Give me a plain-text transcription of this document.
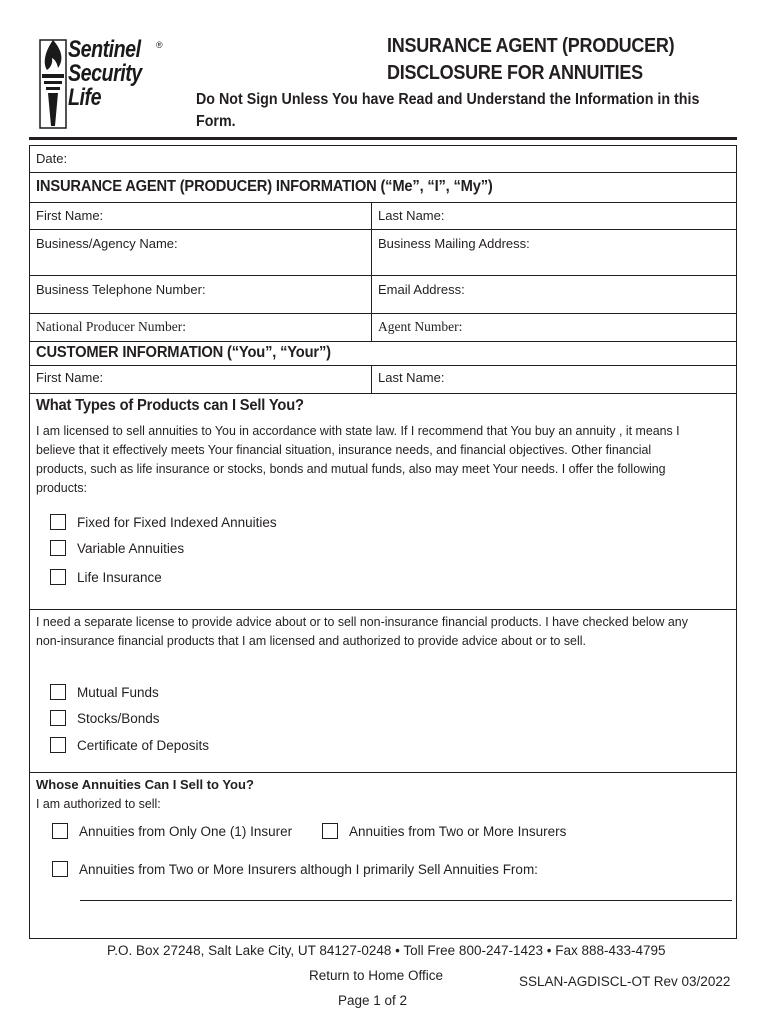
Sentinel
Security
Life
®	INSURANCE AGENT (PRODUCER)
DISCLOSURE FOR ANNUITIES
Do Not Sign Unless You have Read and Understand the Information in this Form.
Date:
INSURANCE AGENT (PRODUCER) INFORMATION (“Me”, “I”, “My”)
First Name:	Last Name:
Business/Agency Name:	Business Mailing Address:
Business Telephone Number:	Email Address:
National Producer Number:	Agent Number:
CUSTOMER INFORMATION (“You”, “Your”)
First Name:	Last Name:
What Types of Products can I Sell You?
I am licensed to sell annuities to You in accordance with state law. If I recommend that You buy an annuity , it means I believe that it effectively meets Your financial situation, insurance needs, and financial objectives. Other financial products, such as life insurance or stocks, bonds and mutual funds, also may meet Your needs. I offer the following products:
Fixed for Fixed Indexed Annuities
Variable Annuities
Life Insurance
I need a separate license to provide advice about or to sell non-insurance financial products. I have checked below any non-insurance financial products that I am licensed and authorized to provide advice about or to sell.
Mutual Funds
Stocks/Bonds
Certificate of Deposits
Whose Annuities Can I Sell to You?
I am authorized to sell:
Annuities from Only One (1) Insurer	Annuities from Two or More Insurers
Annuities from Two or More Insurers although I primarily Sell Annuities From:
P.O. Box 27248, Salt Lake City, UT 84127-0248 • Toll Free 800-247-1423 • Fax 888-433-4795
Return to Home Office	SSLAN-AGDISCL-OT Rev 03/2022
Page 1 of 2
